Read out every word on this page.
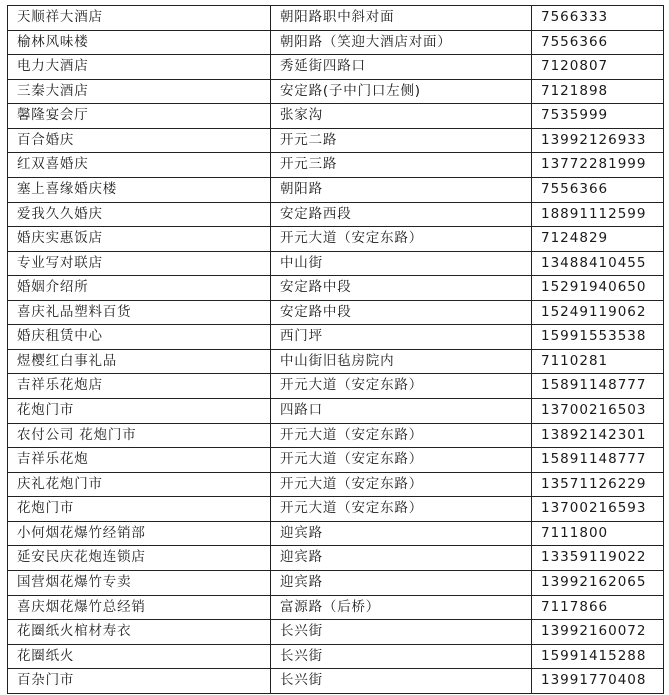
天顺祥大酒店	朝阳路职中斜对面	7566333
榆林风味楼	朝阳路（笑迎大酒店对面）	7556366
电力大酒店	秀延街四路口	7120807
三秦大酒店	安定路(子中门口左侧)	7121898
馨隆宴会厅	张家沟	7535999
百合婚庆	开元二路	13992126933
红双喜婚庆	开元三路	13772281999
塞上喜缘婚庆楼	朝阳路	7556366
爱我久久婚庆	安定路西段	18891112599
婚庆实惠饭店	开元大道（安定东路）	7124829
专业写对联店	中山街	13488410455
婚姻介绍所	安定路中段	15291940650
喜庆礼品塑料百货	安定路中段	15249119062
婚庆租赁中心	西门坪	15991553538
煜樱红白事礼品	中山街旧毡房院内	7110281
吉祥乐花炮店	开元大道（安定东路）	15891148777
花炮门市	四路口	13700216503
农付公司 花炮门市	开元大道（安定东路）	13892142301
吉祥乐花炮	开元大道（安定东路）	15891148777
庆礼花炮门市	开元大道（安定东路）	13571126229
花炮门市	开元大道（安定东路）	13700216593
小何烟花爆竹经销部	迎宾路	7111800
延安民庆花炮连锁店	迎宾路	13359119022
国营烟花爆竹专卖	迎宾路	13992162065
喜庆烟花爆竹总经销	富源路（后桥）	7117866
花圈纸火棺材寿衣	长兴街	13992160072
花圈纸火	长兴街	15991415288
百杂门市	长兴街	13991770408
